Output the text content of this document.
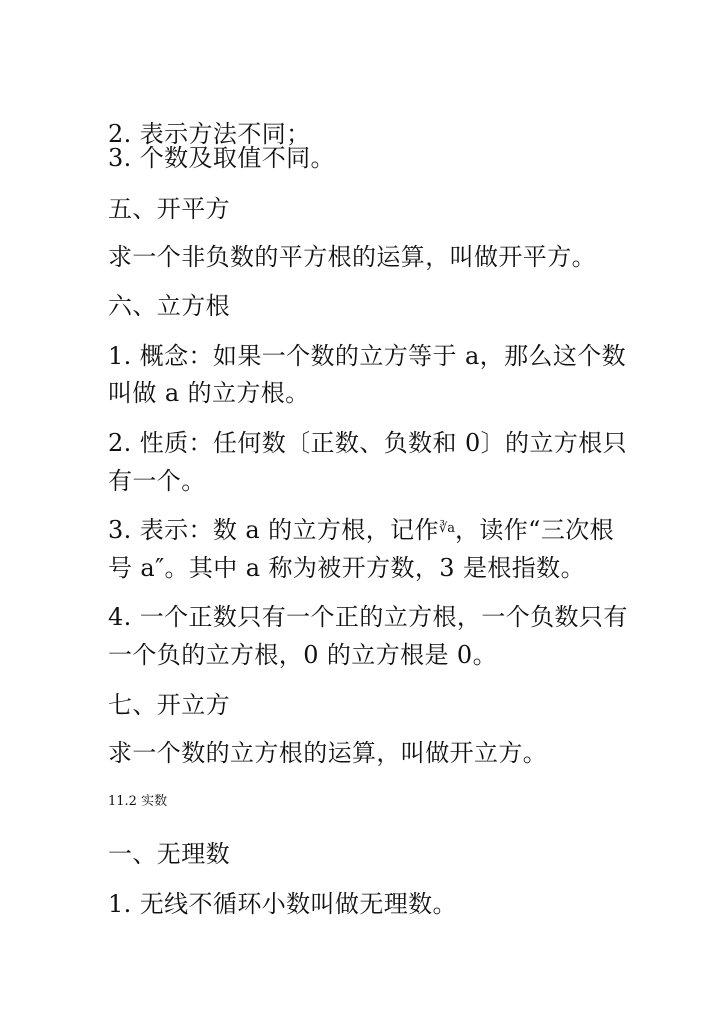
2. 表示方法不同；
3. 个数及取值不同。
五、开平方
求一个非负数的平方根的运算，叫做开平方。
六、立方根
1. 概念：如果一个数的立方等于 a，那么这个数
叫做 a 的立方根。
2. 性质：任何数〔正数、负数和 0〕的立方根只
有一个。
3. 表示：数 a 的立方根，记作∛a，读作“三次根
号 a″。其中 a 称为被开方数，3 是根指数。
4. 一个正数只有一个正的立方根，一个负数只有
一个负的立方根，0 的立方根是 0。
七、开立方
求一个数的立方根的运算，叫做开立方。
11.2 实数
一、无理数
1. 无线不循环小数叫做无理数。
